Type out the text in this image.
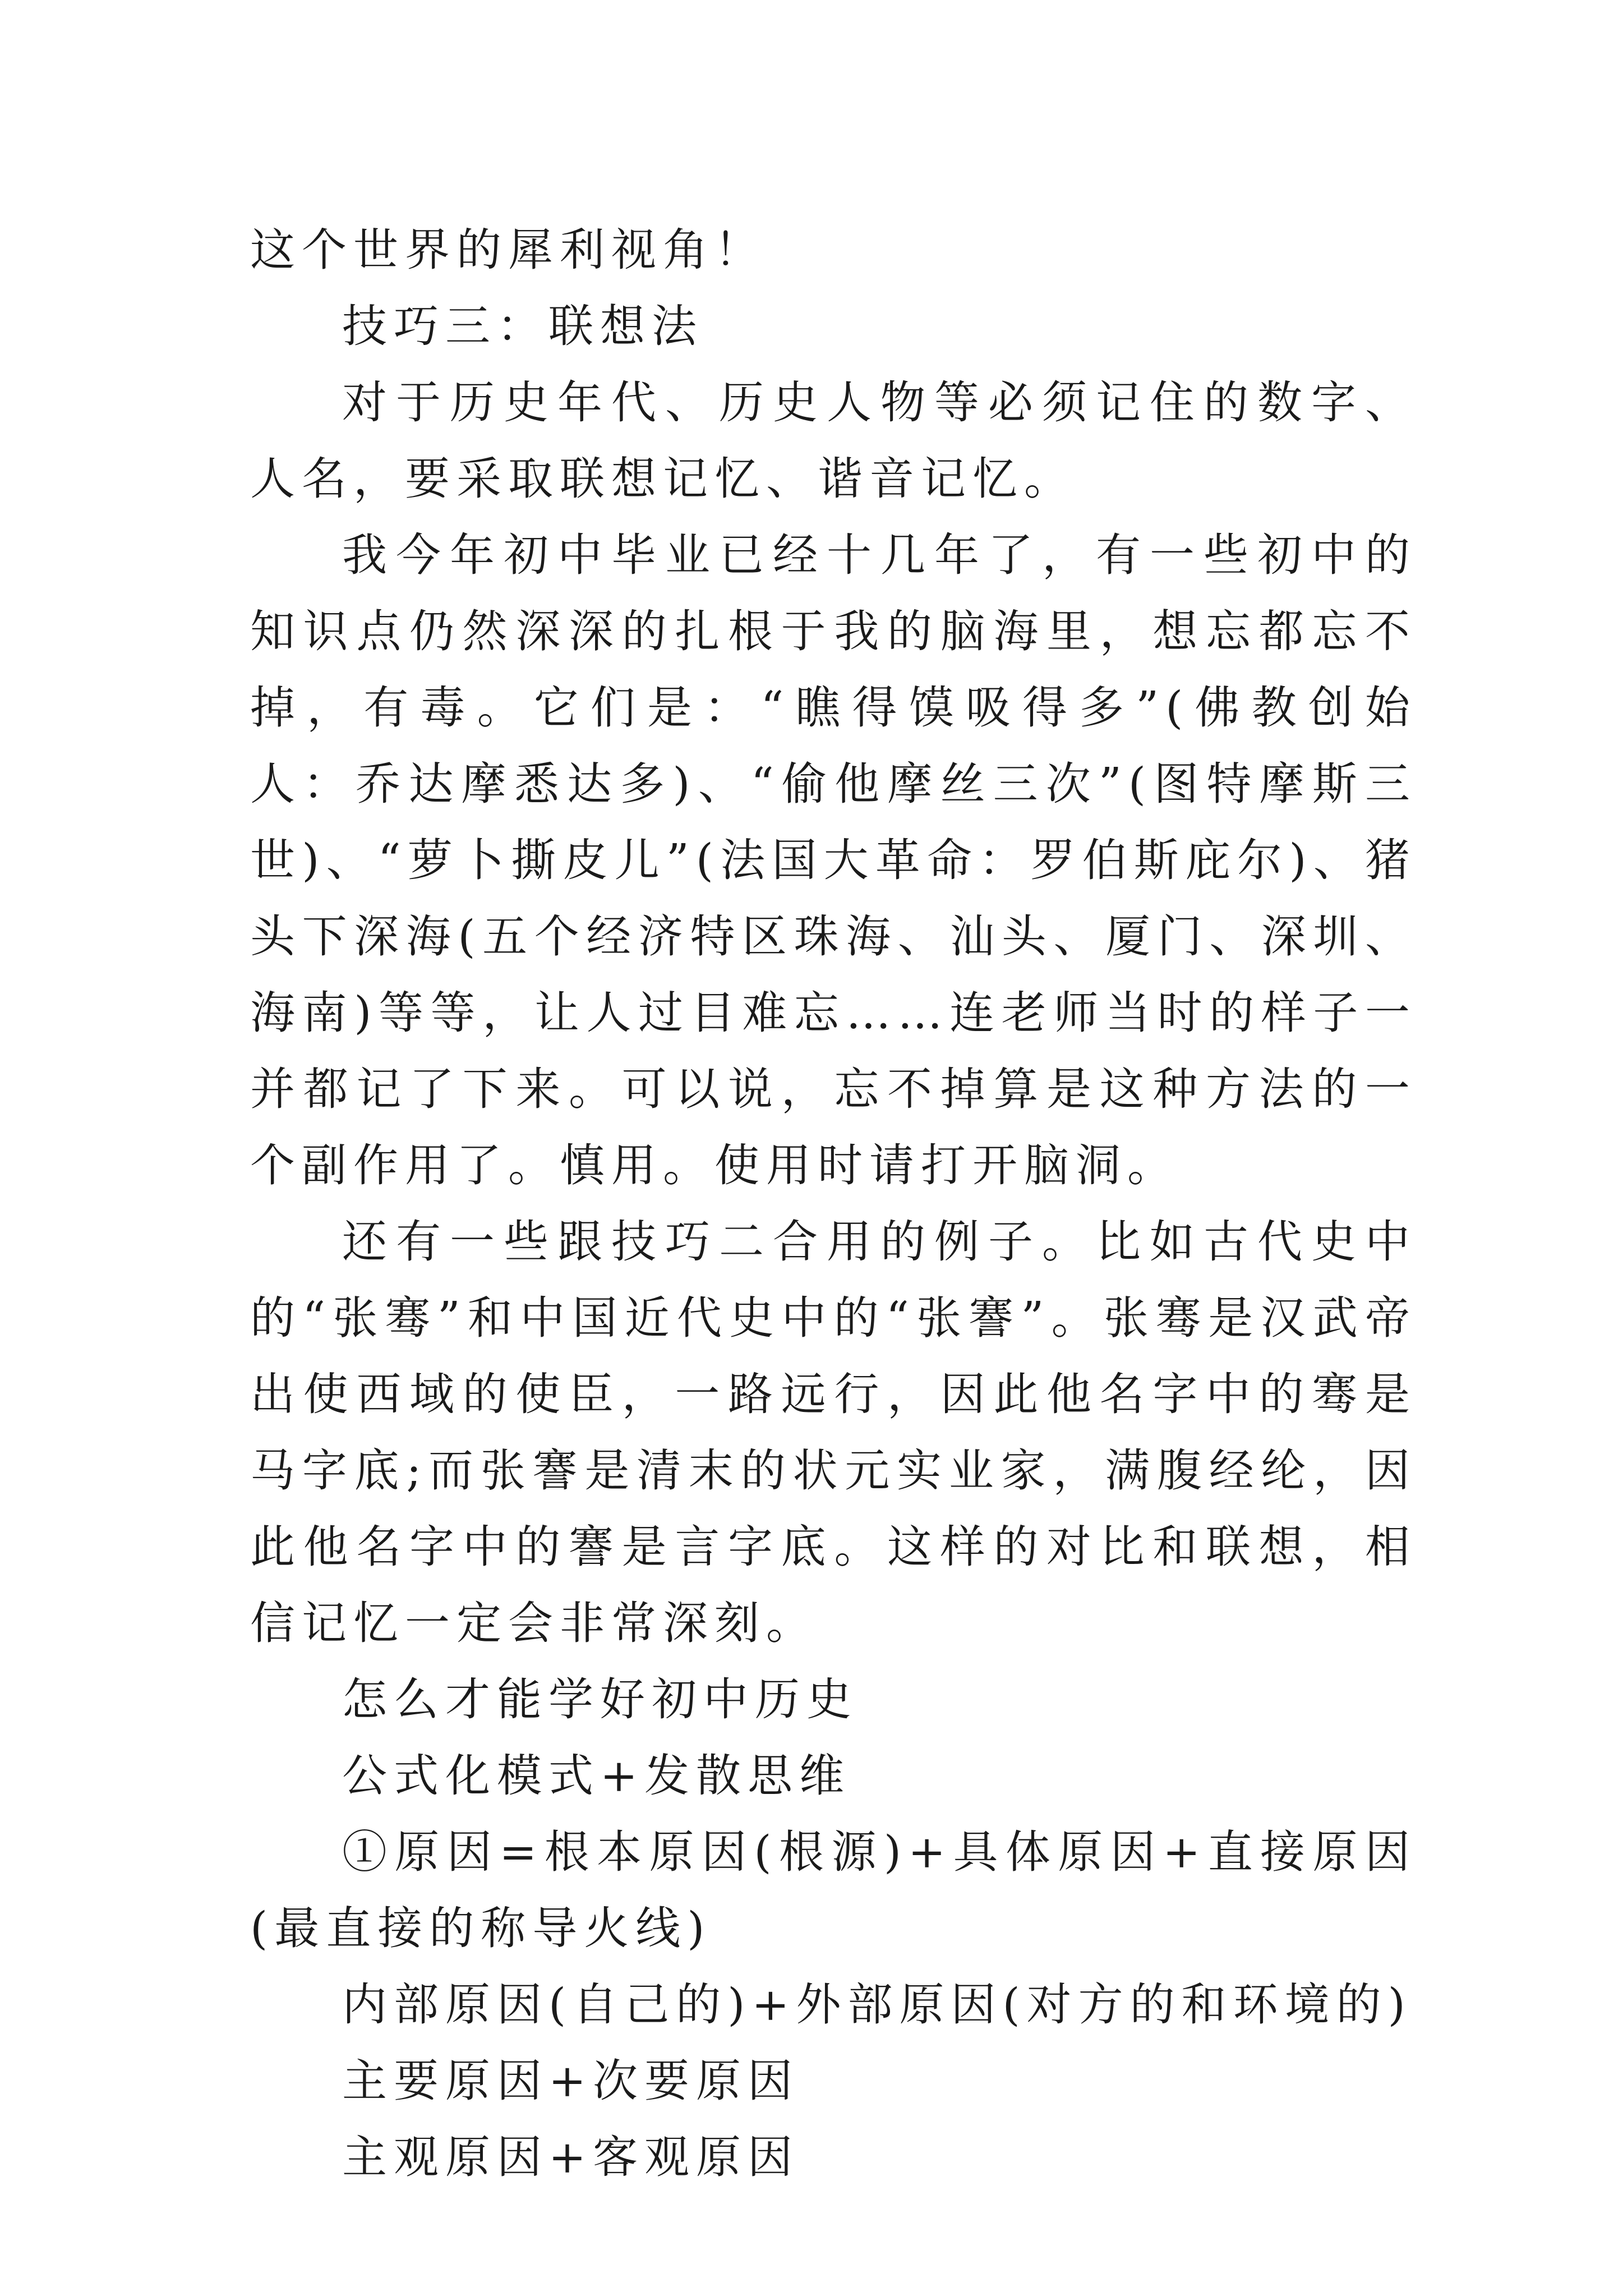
这个世界的犀利视角！

技巧三：联想法

对于历史年代、历史人物等必须记住的数字、人名，要采取联想记忆、谐音记忆。

我今年初中毕业已经十几年了，有一些初中的知识点仍然深深的扎根于我的脑海里，想忘都忘不掉，有毒。它们是：“瞧得馍吸得多”(佛教创始人：乔达摩悉达多)、“偷他摩丝三次”(图特摩斯三世)、“萝卜撕皮儿”(法国大革命：罗伯斯庇尔)、猪头下深海(五个经济特区珠海、汕头、厦门、深圳、海南)等等，让人过目难忘……连老师当时的样子一并都记了下来。可以说，忘不掉算是这种方法的一个副作用了。慎用。使用时请打开脑洞。

还有一些跟技巧二合用的例子。比如古代史中的“张骞”和中国近代史中的“张謇”。张骞是汉武帝出使西域的使臣，一路远行，因此他名字中的骞是马字底;而张謇是清末的状元实业家，满腹经纶，因此他名字中的謇是言字底。这样的对比和联想，相信记忆一定会非常深刻。

怎么才能学好初中历史

公式化模式+发散思维

①原因=根本原因(根源)+具体原因+直接原因(最直接的称导火线)

内部原因(自己的)+外部原因(对方的和环境的)

主要原因+次要原因

主观原因+客观原因
